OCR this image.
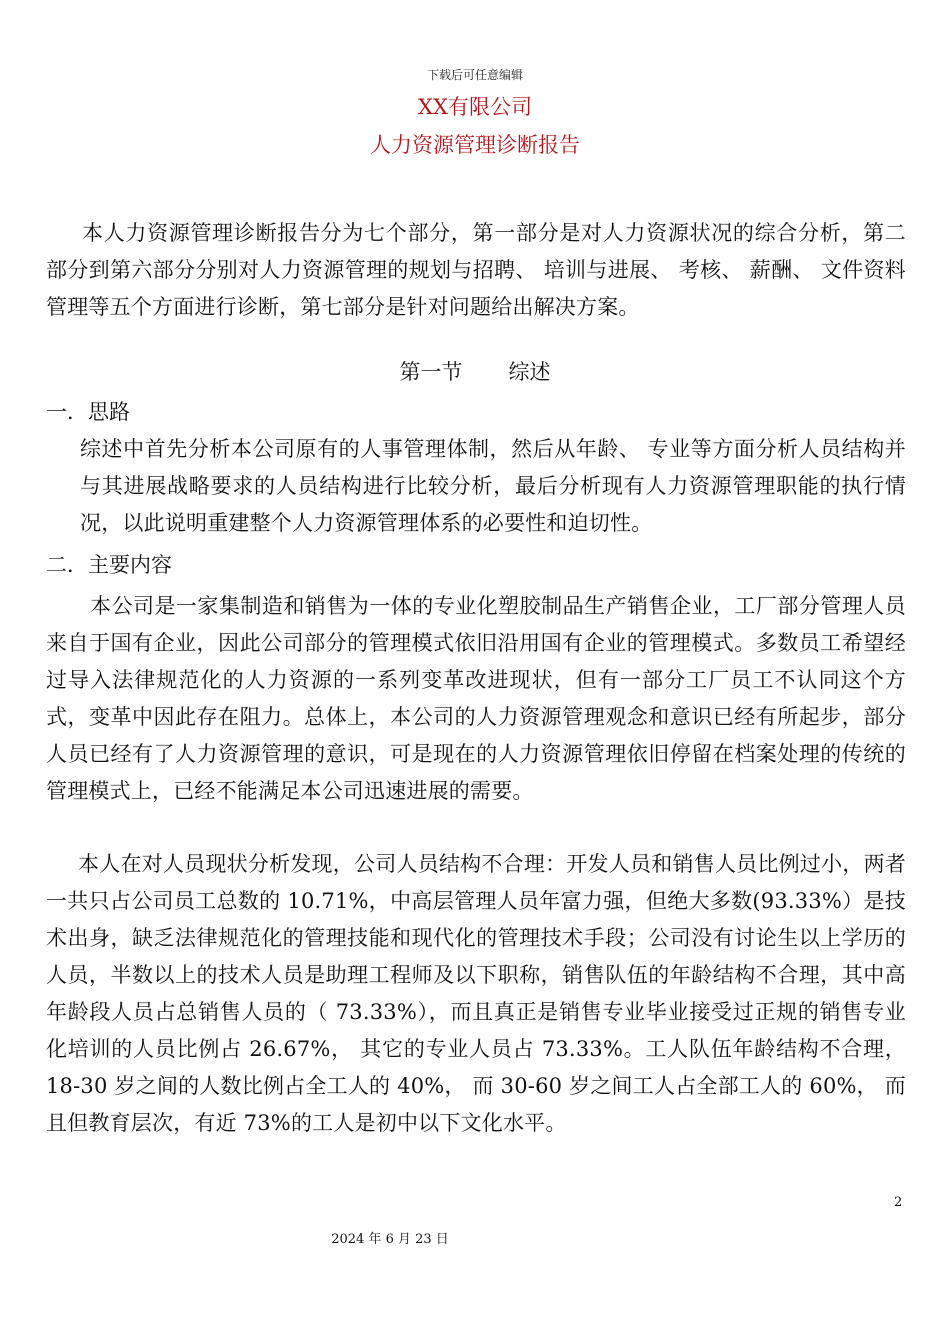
下载后可任意编辑
XX有限公司
人力资源管理诊断报告

本人力资源管理诊断报告分为七个部分，第一部分是对人力资源状况的综合分析，第二部分到第六部分分别对人力资源管理的规划与招聘、 培训与进展、 考核、 薪酬、 文件资料管理等五个方面进行诊断，第七部分是针对问题给出解决方案。

第一节 综述
一．思路

综述中首先分析本公司原有的人事管理体制，然后从年龄、 专业等方面分析人员结构并与其进展战略要求的人员结构进行比较分析，最后分析现有人力资源管理职能的执行情况，以此说明重建整个人力资源管理体系的必要性和迫切性。

二．主要内容

本公司是一家集制造和销售为一体的专业化塑胶制品生产销售企业，工厂部分管理人员来自于国有企业，因此公司部分的管理模式依旧沿用国有企业的管理模式。多数员工希望经过导入法律规范化的人力资源的一系列变革改进现状，但有一部分工厂员工不认同这个方式，变革中因此存在阻力。总体上，本公司的人力资源管理观念和意识已经有所起步，部分人员已经有了人力资源管理的意识，可是现在的人力资源管理依旧停留在档案处理的传统的管理模式上，已经不能满足本公司迅速进展的需要。

本人在对人员现状分析发现，公司人员结构不合理：开发人员和销售人员比例过小，两者一共只占公司员工总数的 10.71%，中高层管理人员年富力强，但绝大多数(93.33%）是技术出身，缺乏法律规范化的管理技能和现代化的管理技术手段；公司没有讨论生以上学历的人员，半数以上的技术人员是助理工程师及以下职称，销售队伍的年龄结构不合理，其中高年龄段人员占总销售人员的（ 73.33%），而且真正是销售专业毕业接受过正规的销售专业化培训的人员比例占 26.67%， 其它的专业人员占 73.33%。工人队伍年龄结构不合理，18-30 岁之间的人数比例占全工人的 40%， 而 30-60 岁之间工人占全部工人的 60%， 而且但教育层次，有近 73%的工人是初中以下文化水平。

2
2024 年 6 月 23 日
